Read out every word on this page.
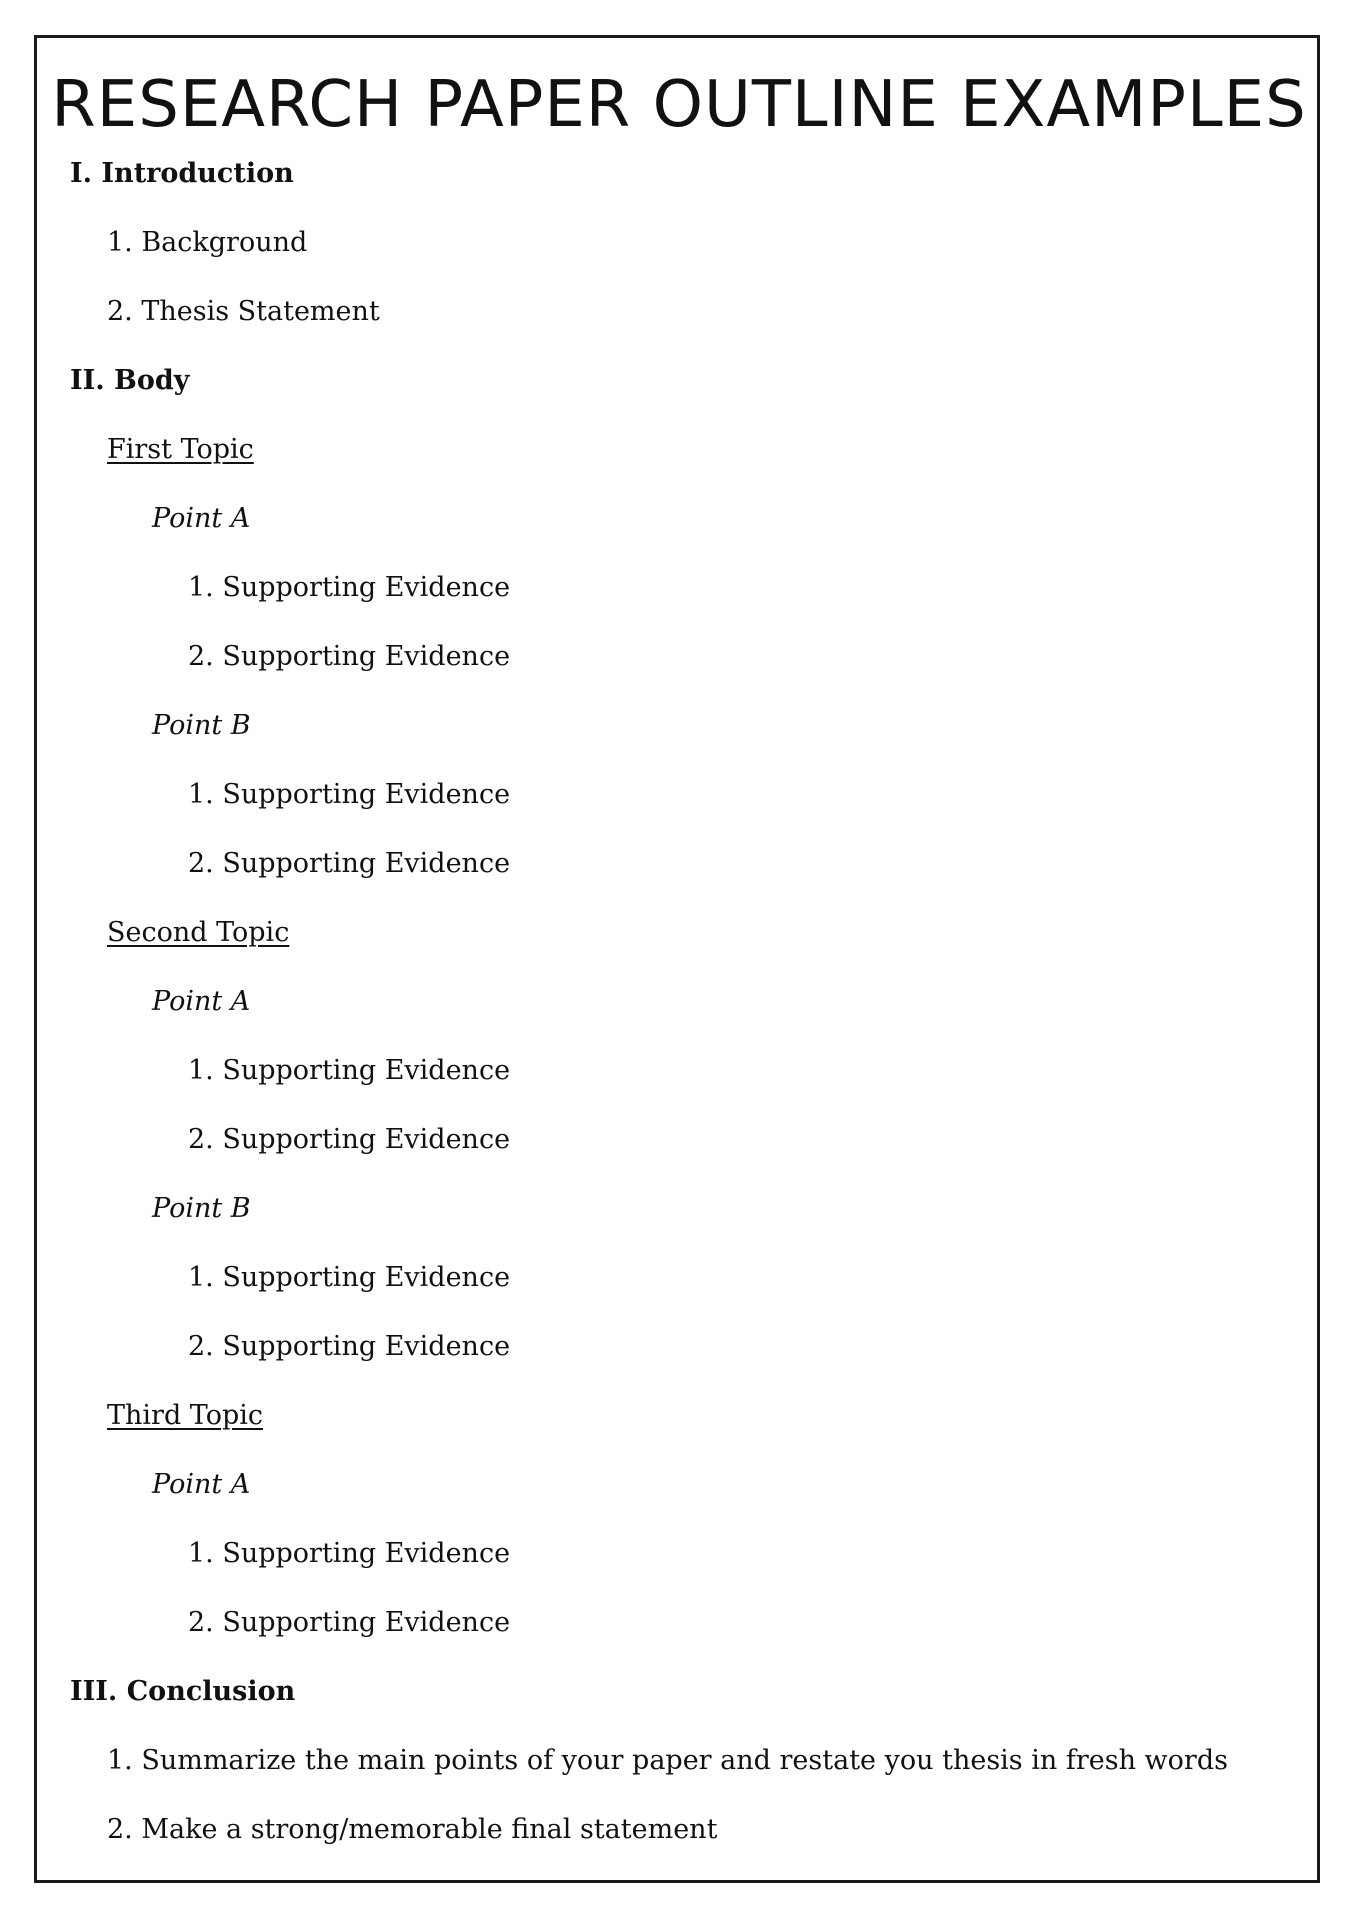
RESEARCH PAPER OUTLINE EXAMPLES
I. Introduction
1. Background
2. Thesis Statement
II. Body
First Topic
Point A
1. Supporting Evidence
2. Supporting Evidence
Point B
1. Supporting Evidence
2. Supporting Evidence
Second Topic
Point A
1. Supporting Evidence
2. Supporting Evidence
Point B
1. Supporting Evidence
2. Supporting Evidence
Third Topic
Point A
1. Supporting Evidence
2. Supporting Evidence
III. Conclusion
1. Summarize the main points of your paper and restate you thesis in fresh words
2. Make a strong/memorable final statement
